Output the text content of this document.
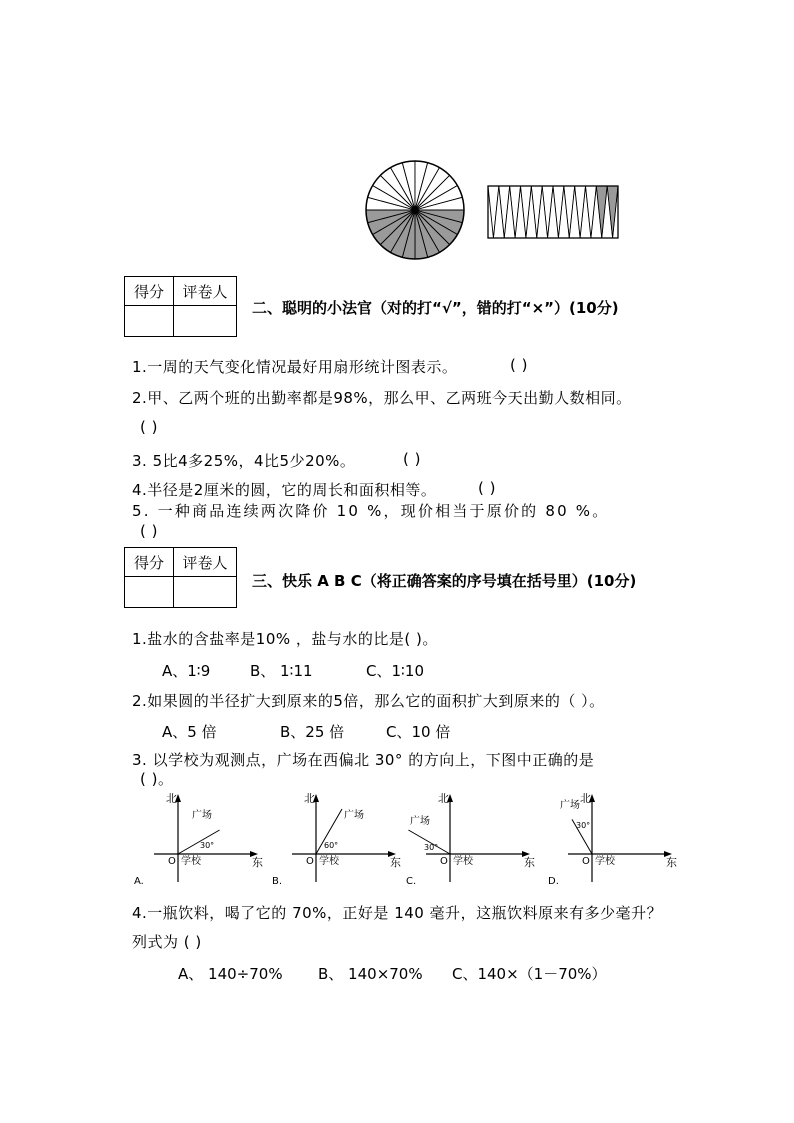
得分	评卷人

二、聪明的小法官（对的打“√”，错的打“×”）(10分)
1.一周的天气变化情况最好用扇形统计图表示。	( )
2.甲、乙两个班的出勤率都是98%，那么甲、乙两班今天出勤人数相同。
( )
3. 5比4多25%，4比5少20%。	( )
4.半径是2厘米的圆，它的周长和面积相等。	( )
5. 一种商品连续两次降价 10 %，现价相当于原价的 80 %。
( )
得分	评卷人

三、快乐 A B C（将正确答案的序号填在括号里）(10分)
1.盐水的含盐率是10% ，盐与水的比是( )。
A、1∶9	B、 1∶11	C、1∶10
2.如果圆的半径扩大到原来的5倍，那么它的面积扩大到原来的（ ）。
A、5 倍	B、25 倍	C、10 倍
3. 以学校为观测点，广场在西偏北 30° 的方向上，下图中正确的是
( )。
北
东
O 学校
广场
30°
A.
北
东
O 学校
广场
60°
B.
北
东
O 学校
广场
30°
C.
北
东
O 学校
广场
30°
D.
4.一瓶饮料，喝了它的 70%，正好是 140 毫升，这瓶饮料原来有多少毫升？
列式为 ( )
A、 140÷70% B、 140×70% C、140×（1－70%）
